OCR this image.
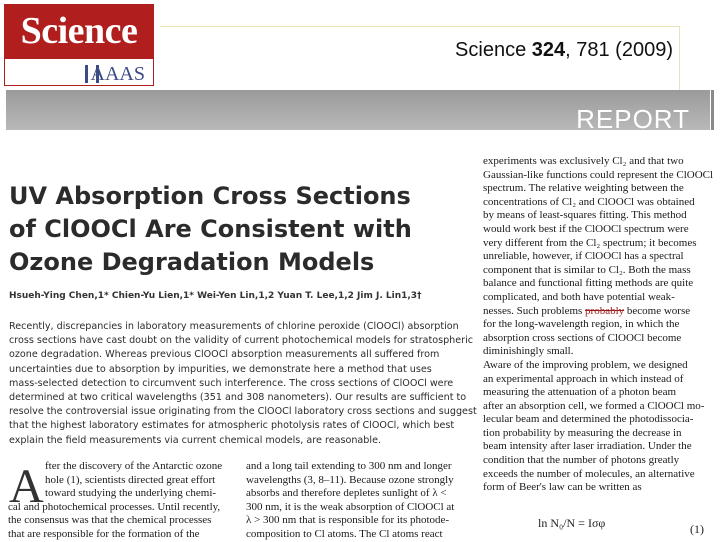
Science
AAAS
Science 324, 781 (2009)
REPORT
UV Absorption Cross Sections
of ClOOCl Are Consistent with
Ozone Degradation Models
Hsueh-Ying Chen,1* Chien-Yu Lien,1* Wei-Yen Lin,1,2 Yuan T. Lee,1,2 Jim J. Lin1,3†
Recently, discrepancies in laboratory measurements of chlorine peroxide (ClOOCl) absorption
cross sections have cast doubt on the validity of current photochemical models for stratospheric
ozone degradation. Whereas previous ClOOCl absorption measurements all suffered from
uncertainties due to absorption by impurities, we demonstrate here a method that uses
mass-selected detection to circumvent such interference. The cross sections of ClOOCl were
determined at two critical wavelengths (351 and 308 nanometers). Our results are sufficient to
resolve the controversial issue originating from the ClOOCl laboratory cross sections and suggest
that the highest laboratory estimates for atmospheric photolysis rates of ClOOCl, which best
explain the field measurements via current chemical models, are reasonable.
A fter the discovery of the Antarctic ozone
hole (1), scientists directed great effort
toward studying the underlying chemi-
cal and photochemical processes. Until recently,
the consensus was that the chemical processes
that are responsible for the formation of the
and a long tail extending to 300 nm and longer
wavelengths (3, 8–11). Because ozone strongly
absorbs and therefore depletes sunlight of λ <
300 nm, it is the weak absorption of ClOOCl at
λ > 300 nm that is responsible for its photode-
composition to Cl atoms. The Cl atoms react
experiments was exclusively Cl₂ and that two
Gaussian-like functions could represent the ClOOCl
spectrum. The relative weighting between the
concentrations of Cl₂ and ClOOCl was obtained
by means of least-squares fitting. This method
would work best if the ClOOCl spectrum were
very different from the Cl₂ spectrum; it becomes
unreliable, however, if ClOOCl has a spectral
component that is similar to Cl₂. Both the mass
balance and functional fitting methods are quite
complicated, and both have potential weak-
nesses. Such problems probably become worse
for the long-wavelength region, in which the
absorption cross sections of ClOOCl become
diminishingly small.
Aware of the improving problem, we designed
an experimental approach in which instead of
measuring the attenuation of a photon beam
after an absorption cell, we formed a ClOOCl mo-
lecular beam and determined the photodissocia-
tion probability by measuring the decrease in
beam intensity after laser irradiation. Under the
condition that the number of photons greatly
exceeds the number of molecules, an alternative
form of Beer's law can be written as
ln N₀/N = Iσφ	(1)
